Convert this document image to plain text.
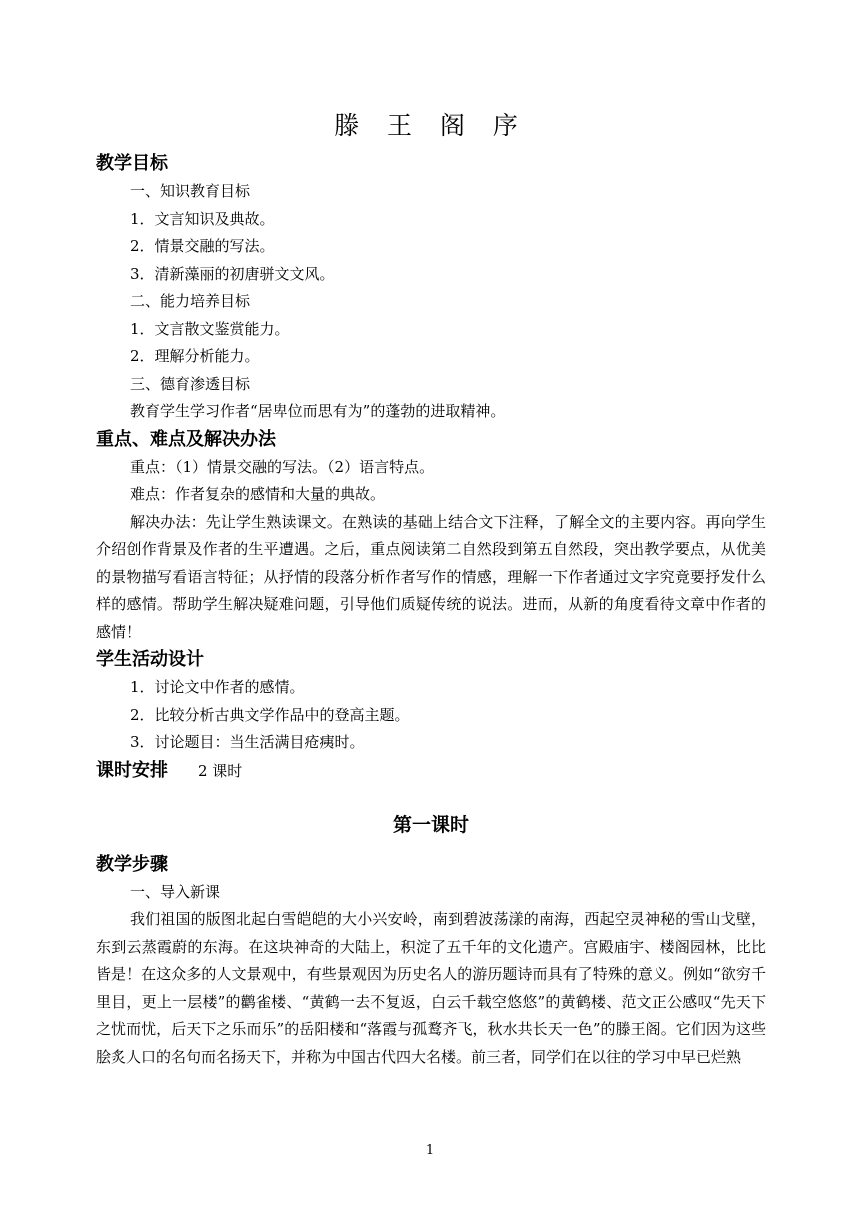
滕 王 阁 序

教学目标

一、知识教育目标

1．文言知识及典故。

2．情景交融的写法。

3．清新藻丽的初唐骈文文风。

二、能力培养目标

1．文言散文鉴赏能力。

2．理解分析能力。

三、德育渗透目标

教育学生学习作者“居卑位而思有为”的蓬勃的进取精神。

重点、难点及解决办法

重点：（1）情景交融的写法。（2）语言特点。

难点：作者复杂的感情和大量的典故。

解决办法：先让学生熟读课文。在熟读的基础上结合文下注释，了解全文的主要内容。再向学生介绍创作背景及作者的生平遭遇。之后，重点阅读第二自然段到第五自然段，突出教学要点，从优美的景物描写看语言特征；从抒情的段落分析作者写作的情感，理解一下作者通过文字究竟要抒发什么样的感情。帮助学生解决疑难问题，引导他们质疑传统的说法。进而，从新的角度看待文章中作者的感情！

学生活动设计

1．讨论文中作者的感情。

2．比较分析古典文学作品中的登高主题。

3．讨论题目：当生活满目疮痍时。

课时安排 2 课时

第一课时

教学步骤

一、导入新课

我们祖国的版图北起白雪皑皑的大小兴安岭，南到碧波荡漾的南海，西起空灵神秘的雪山戈壁，东到云蒸霞蔚的东海。在这块神奇的大陆上，积淀了五千年的文化遗产。宫殿庙宇、楼阁园林，比比皆是！在这众多的人文景观中，有些景观因为历史名人的游历题诗而具有了特殊的意义。例如“欲穷千里目，更上一层楼”的鹳雀楼、“黄鹤一去不复返，白云千载空悠悠”的黄鹤楼、范文正公感叹“先天下之忧而忧，后天下之乐而乐”的岳阳楼和“落霞与孤鹜齐飞，秋水共长天一色”的滕王阁。它们因为这些脍炙人口的名句而名扬天下，并称为中国古代四大名楼。前三者，同学们在以往的学习中早已烂熟

1
